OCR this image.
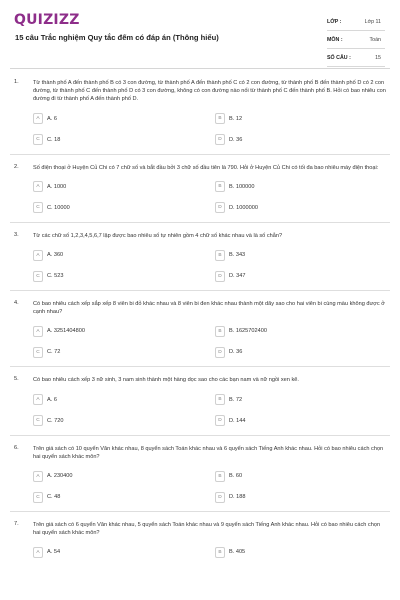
QUIZIZZ
15 câu Trắc nghiệm Quy tắc đếm có đáp án (Thông hiểu)
LỚP :	Lớp 11
MÔN :	Toán
SỐ CÂU :	15
1.	Từ thành phố A đến thành phố B có 3 con đường, từ thành phố A đến thành phố C có 2 con đường, từ thành phố B đến thành phố D có 2 con đường, từ thành phố C đến thành phố D có 3 con đường, không có con đường nào nối từ thành phố C đến thành phố B. Hỏi có bao nhiêu con đường đi từ thành phố A đến thành phố D.
A	A. 6	B	B. 12
C	C. 18	D	D. 36
2.	Số điện thoại ở Huyện Củ Chi có 7 chữ số và bắt đầu bởi 3 chữ số đầu tiên là 790. Hỏi ở Huyện Củ Chi có tối đa bao nhiêu máy điện thoại:
A	A. 1000	B	B. 100000
C	C. 10000	D	D. 1000000
3.	Từ các chữ số 1,2,3,4,5,6,7 lập được bao nhiêu số tự nhiên gồm 4 chữ số khác nhau và là số chẵn?
A	A. 360	B	B. 343
C	C. 523	D	D. 347
4.	Có bao nhiêu cách xếp sắp xếp 8 viên bi đỏ khác nhau và 8 viên bi đen khác nhau thành một dãy sao cho hai viên bi cùng màu không được ở cạnh nhau?
A	A. 3251404800	B	B. 1625702400
C	C. 72	D	D. 36
5.	Có bao nhiêu cách xếp 3 nữ sinh, 3 nam sinh thành một hàng dọc sao cho các bạn nam và nữ ngồi xen kẽ.
A	A. 6	B	B. 72
C	C. 720	D	D. 144
6.	Trên giá sách có 10 quyển Văn khác nhau, 8 quyển sách Toán khác nhau và 6 quyển sách Tiếng Anh khác nhau. Hỏi có bao nhiêu cách chọn hai quyển sách khác môn?
A	A. 230400	B	B. 60
C	C. 48	D	D. 188
7.	Trên giá sách có 6 quyển Văn khác nhau, 5 quyển sách Toán khác nhau và 9 quyển sách Tiếng Anh khác nhau. Hỏi có bao nhiêu cách chọn hai quyển sách khác môn?
A	A. 54	B	B. 405
